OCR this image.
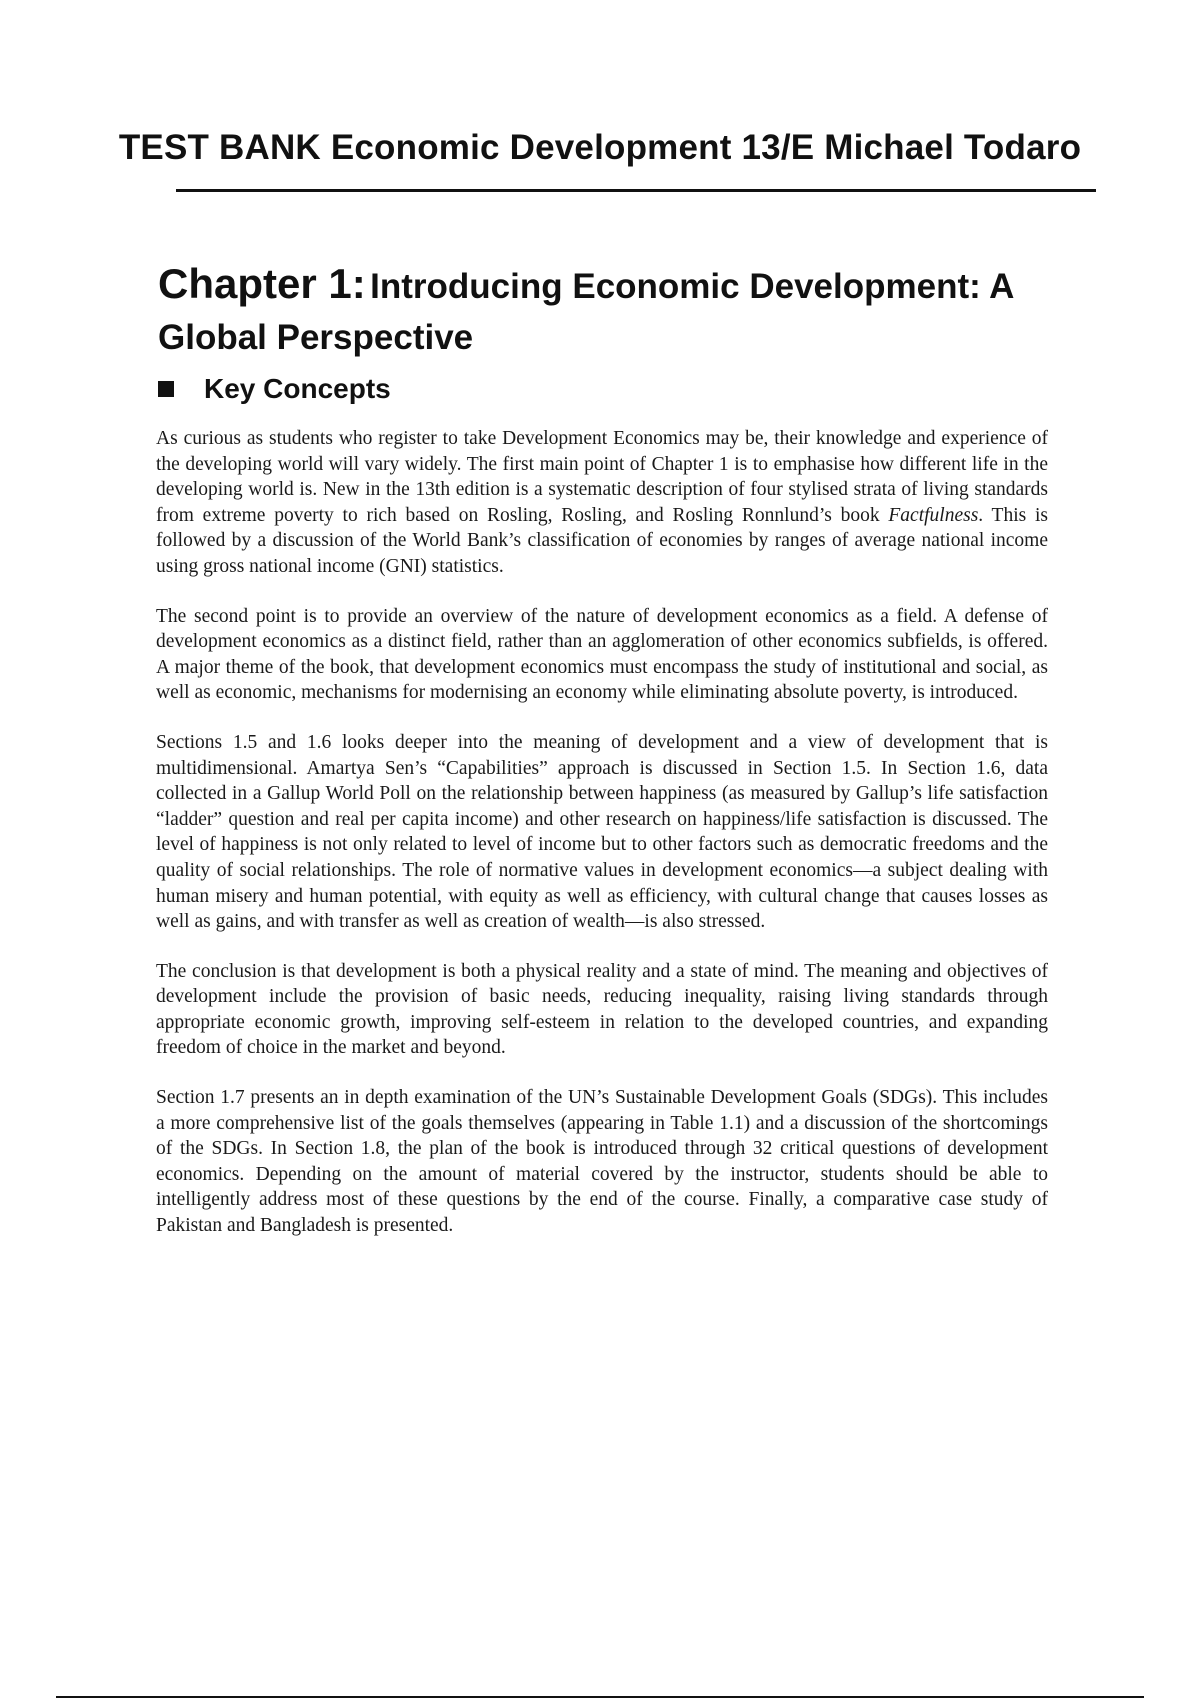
TEST BANK Economic Development 13/E Michael Todaro
Chapter 1: Introducing Economic Development: A Global Perspective
Key Concepts

As curious as students who register to take Development Economics may be, their knowledge and experience of the developing world will vary widely. The first main point of Chapter 1 is to emphasise how different life in the developing world is. New in the 13th edition is a systematic description of four stylised strata of living standards from extreme poverty to rich based on Rosling, Rosling, and Rosling Ronnlund’s book Factfulness. This is followed by a discussion of the World Bank’s classification of economies by ranges of average national income using gross national income (GNI) statistics.

The second point is to provide an overview of the nature of development economics as a field. A defense of development economics as a distinct field, rather than an agglomeration of other economics subfields, is offered. A major theme of the book, that development economics must encompass the study of institutional and social, as well as economic, mechanisms for modernising an economy while eliminating absolute poverty, is introduced.

Sections 1.5 and 1.6 looks deeper into the meaning of development and a view of development that is multidimensional. Amartya Sen’s “Capabilities” approach is discussed in Section 1.5. In Section 1.6, data collected in a Gallup World Poll on the relationship between happiness (as measured by Gallup’s life satisfaction “ladder” question and real per capita income) and other research on happiness/life satisfaction is discussed. The level of happiness is not only related to level of income but to other factors such as democratic freedoms and the quality of social relationships. The role of normative values in development economics—a subject dealing with human misery and human potential, with equity as well as efficiency, with cultural change that causes losses as well as gains, and with transfer as well as creation of wealth—is also stressed.

The conclusion is that development is both a physical reality and a state of mind. The meaning and objectives of development include the provision of basic needs, reducing inequality, raising living standards through appropriate economic growth, improving self-esteem in relation to the developed countries, and expanding freedom of choice in the market and beyond.

Section 1.7 presents an in depth examination of the UN’s Sustainable Development Goals (SDGs). This includes a more comprehensive list of the goals themselves (appearing in Table 1.1) and a discussion of the shortcomings of the SDGs. In Section 1.8, the plan of the book is introduced through 32 critical questions of development economics. Depending on the amount of material covered by the instructor, students should be able to intelligently address most of these questions by the end of the course. Finally, a comparative case study of Pakistan and Bangladesh is presented.
